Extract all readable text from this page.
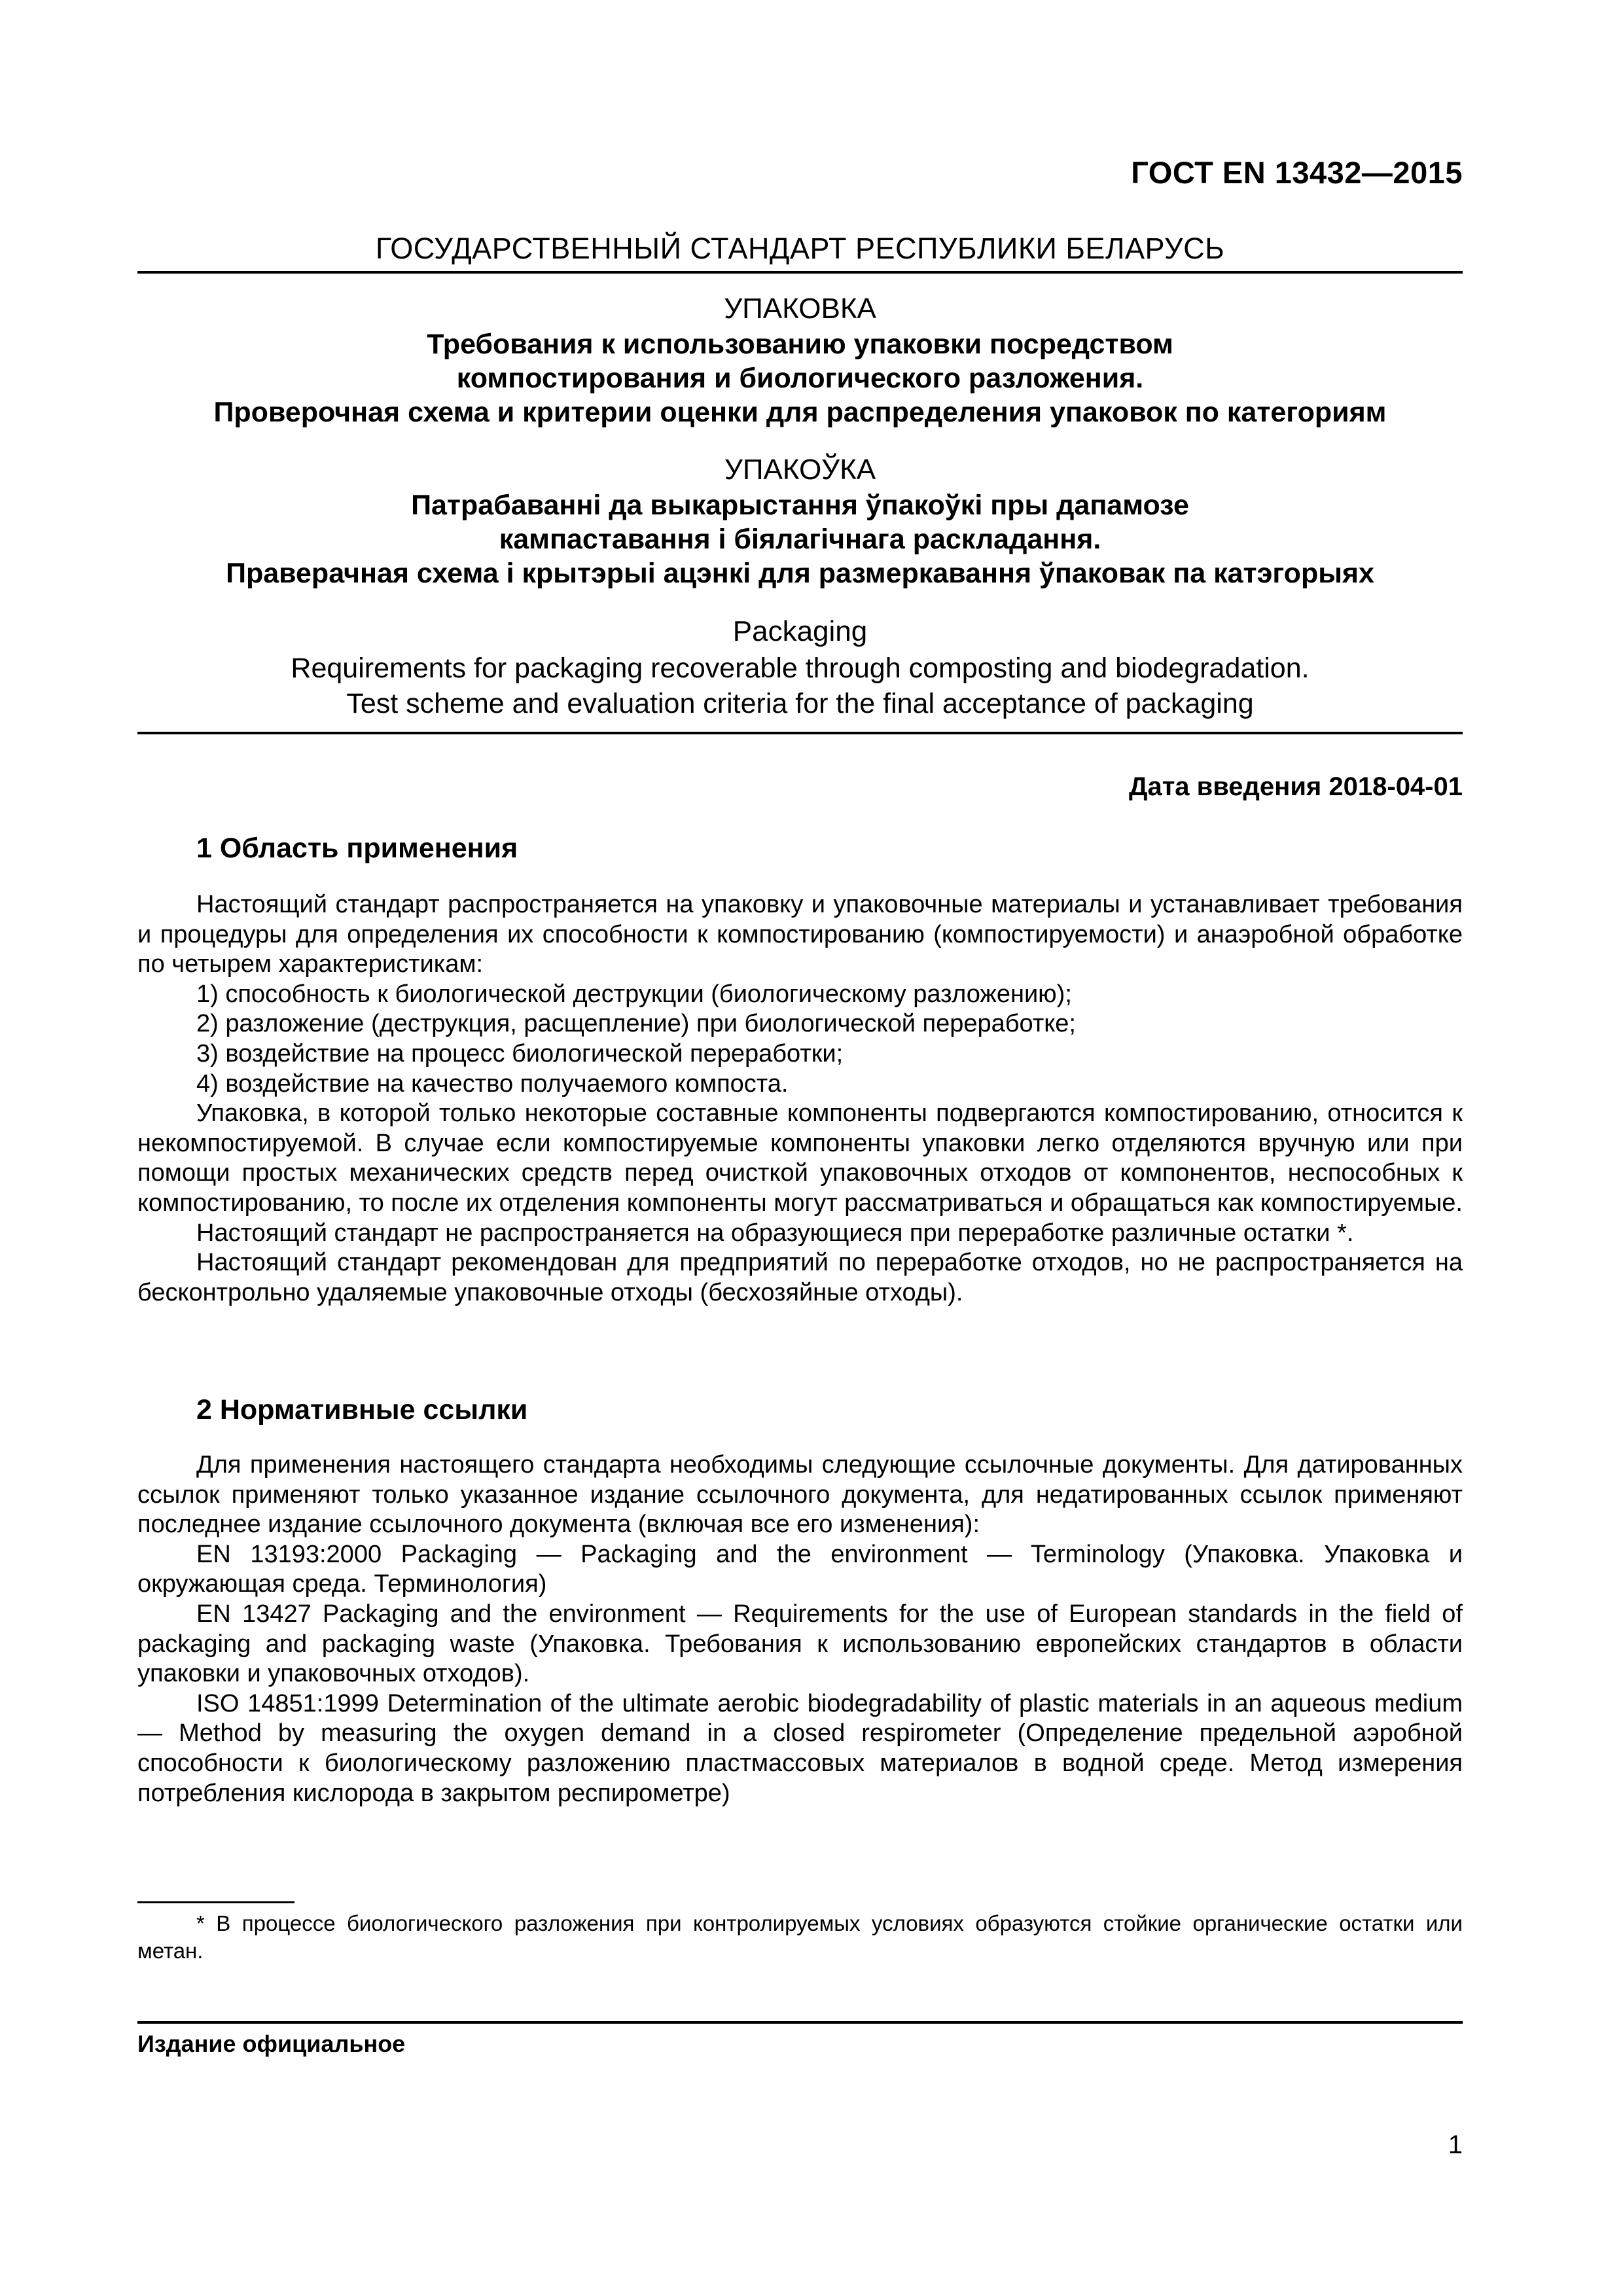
ГОСТ EN 13432—2015
ГОСУДАРСТВЕННЫЙ СТАНДАРТ РЕСПУБЛИКИ БЕЛАРУСЬ
УПАКОВКА
Требования к использованию упаковки посредством
компостирования и биологического разложения.
Проверочная схема и критерии оценки для распределения упаковок по категориям
УПАКОЎКА
Патрабаванні да выкарыстання ўпакоўкі пры дапамозе
кампаставання і біялагічнага раскладання.
Праверачная схема і крытэрыі ацэнкі для размеркавання ўпаковак па катэгорыях
Packaging
Requirements for packaging recoverable through composting and biodegradation.
Test scheme and evaluation criteria for the final acceptance of packaging
Дата введения 2018-04-01
1 Область применения

Настоящий стандарт распространяется на упаковку и упаковочные материалы и устанавливает требования и процедуры для определения их способности к компостированию (компостируемости) и анаэробной обработке по четырем характеристикам:

1) способность к биологической деструкции (биологическому разложению);

2) разложение (деструкция, расщепление) при биологической переработке;

3) воздействие на процесс биологической переработки;

4) воздействие на качество получаемого компоста.

Упаковка, в которой только некоторые составные компоненты подвергаются компостированию, относится к некомпостируемой. В случае если компостируемые компоненты упаковки легко отделяются вручную или при помощи простых механических средств перед очисткой упаковочных отходов от компонентов, неспособных к компостированию, то после их отделения компоненты могут рассматриваться и обращаться как компостируемые.

Настоящий стандарт не распространяется на образующиеся при переработке различные остатки *.

Настоящий стандарт рекомендован для предприятий по переработке отходов, но не распространяется на бесконтрольно удаляемые упаковочные отходы (бесхозяйные отходы).

2 Нормативные ссылки

Для применения настоящего стандарта необходимы следующие ссылочные документы. Для датированных ссылок применяют только указанное издание ссылочного документа, для недатированных ссылок применяют последнее издание ссылочного документа (включая все его изменения):

EN 13193:2000 Packaging — Packaging and the environment — Terminology (Упаковка. Упаковка и окружающая среда. Терминология)

EN 13427 Packaging and the environment — Requirements for the use of European standards in the field of packaging and packaging waste (Упаковка. Требования к использованию европейских стандартов в области упаковки и упаковочных отходов).

ISO 14851:1999 Determination of the ultimate aerobic biodegradability of plastic materials in an aqueous medium — Method by measuring the oxygen demand in a closed respirometer (Определение предельной аэробной способности к биологическому разложению пластмассовых материалов в водной среде. Метод измерения потребления кислорода в закрытом респирометре)

* В процессе биологического разложения при контролируемых условиях образуются стойкие органические остатки или метан.

Издание официальное
1
